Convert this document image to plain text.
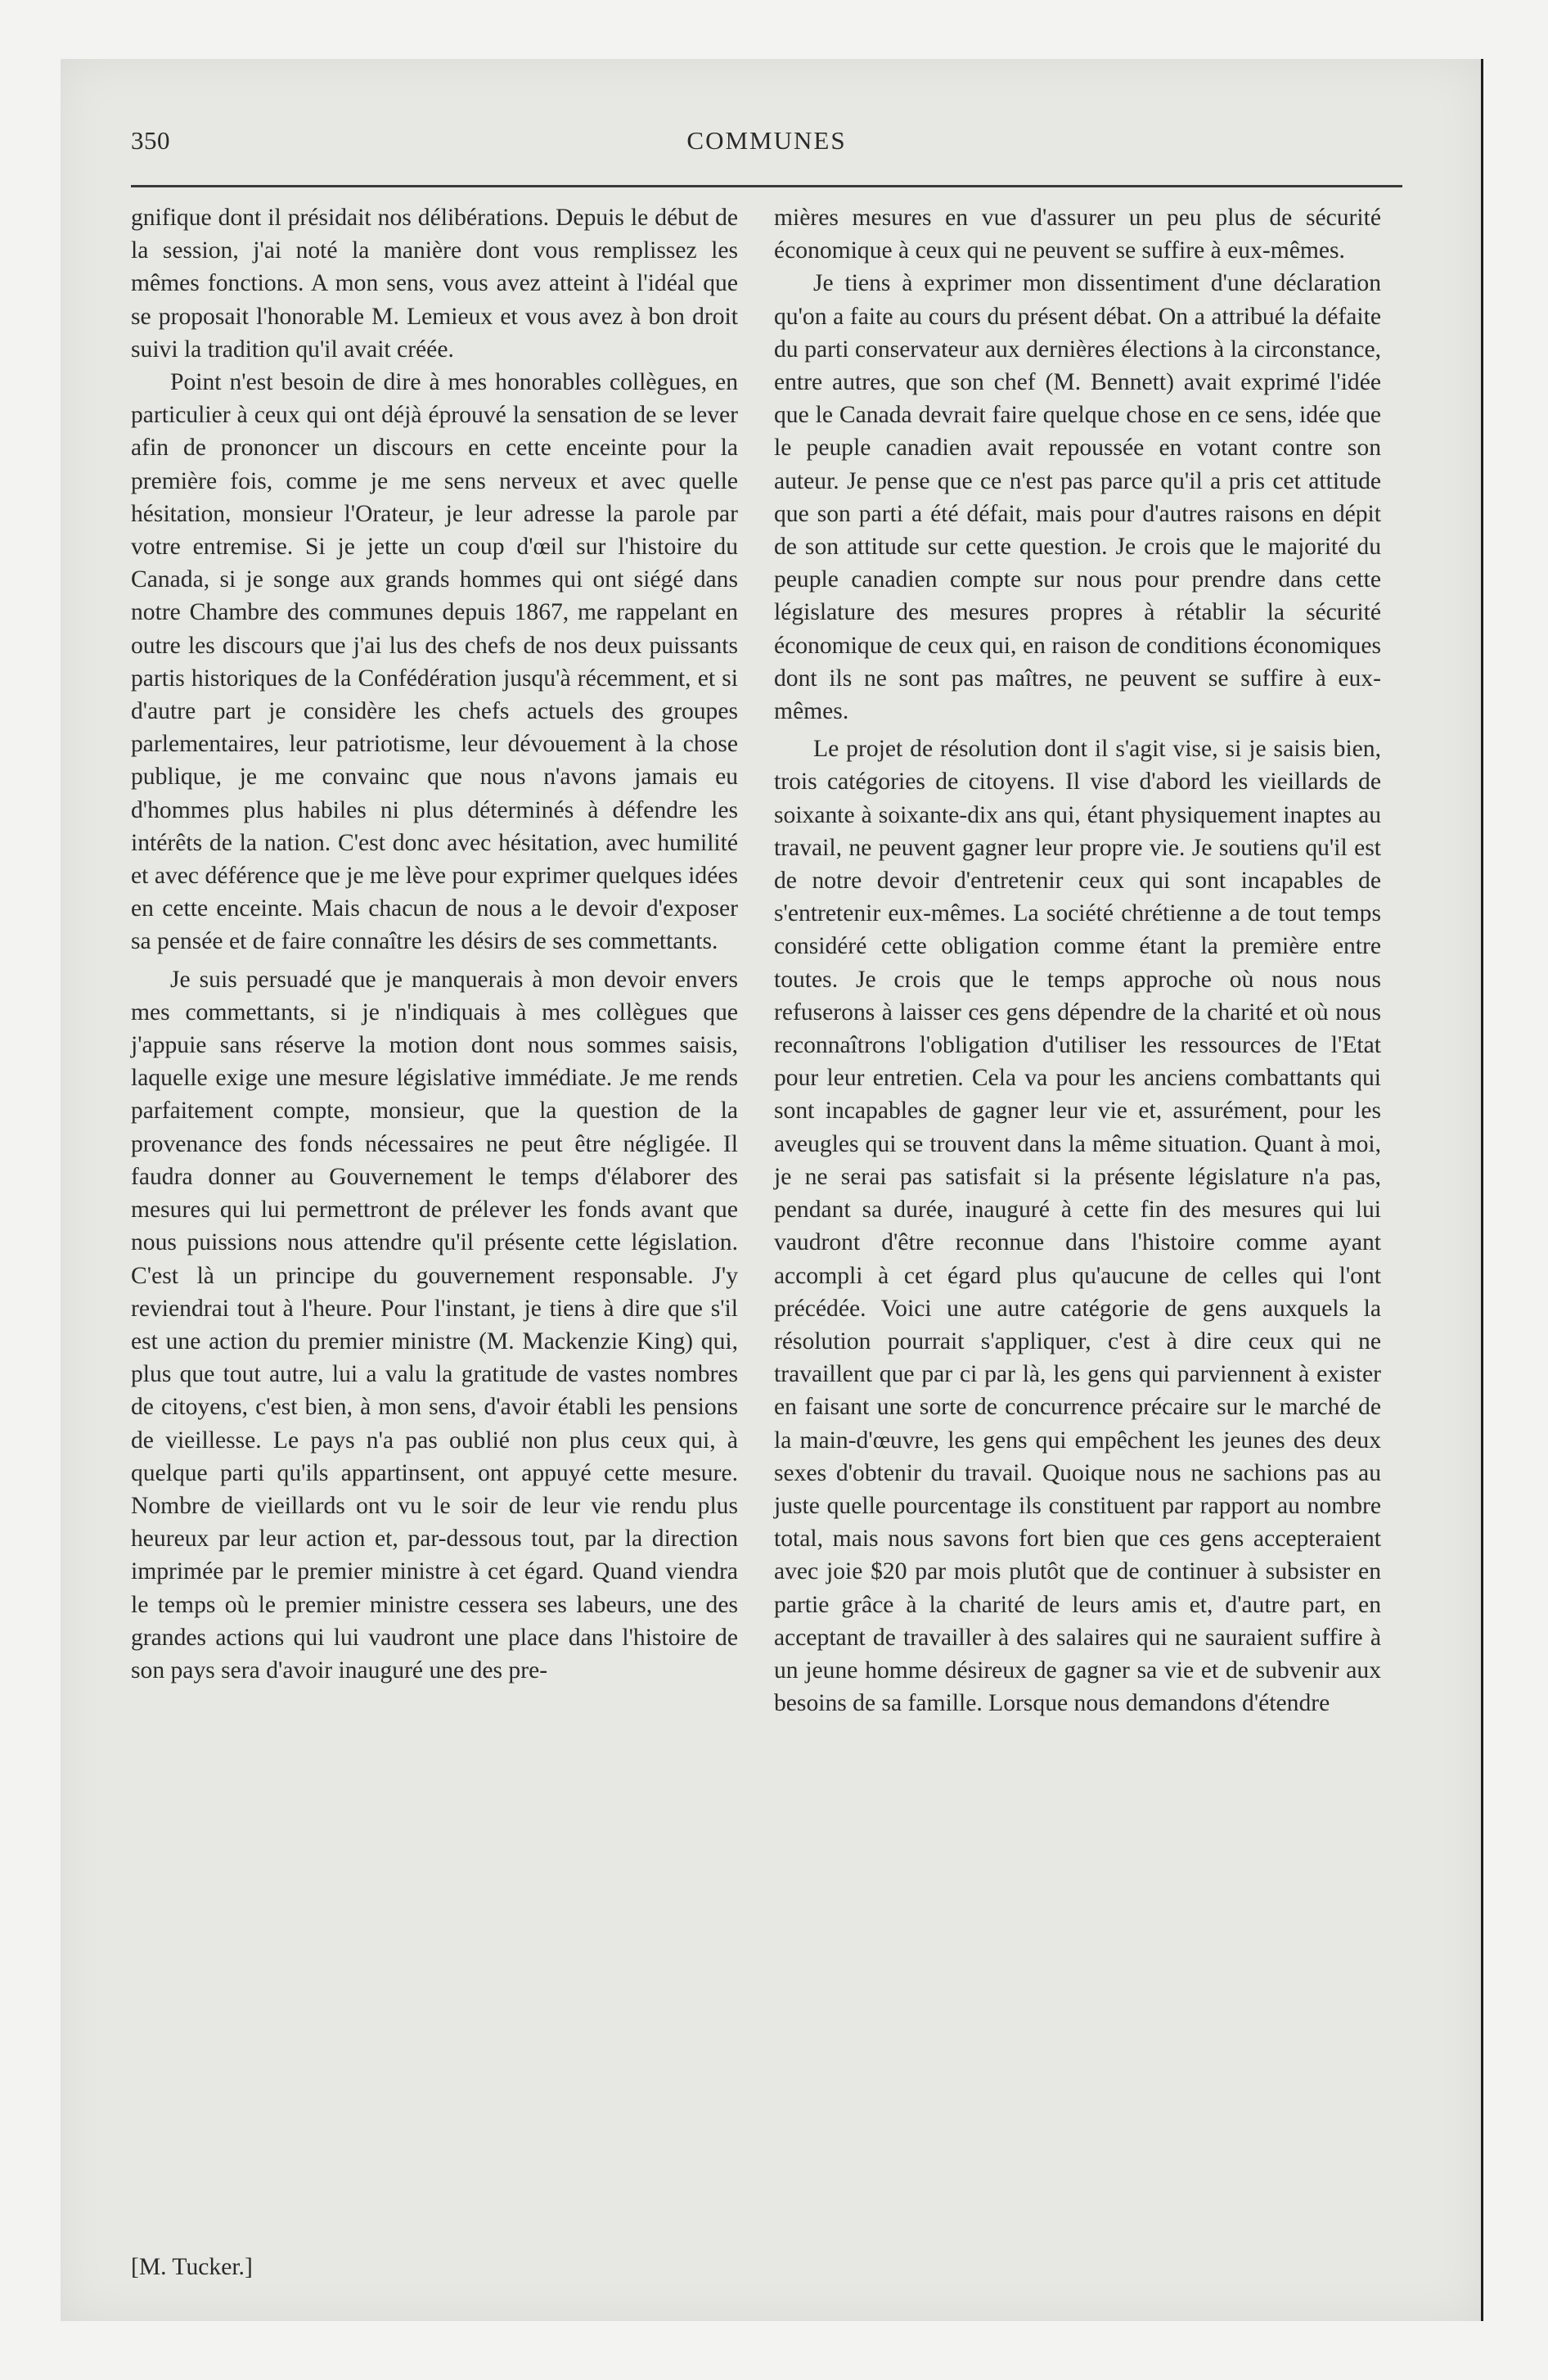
350	COMMUNES

gnifique dont il présidait nos délibérations. Depuis le début de la session, j'ai noté la manière dont vous remplissez les mêmes fonctions. A mon sens, vous avez atteint à l'idéal que se proposait l'honorable M. Lemieux et vous avez à bon droit suivi la tradition qu'il avait créée.

Point n'est besoin de dire à mes honorables collègues, en particulier à ceux qui ont déjà éprouvé la sensation de se lever afin de prononcer un discours en cette enceinte pour la première fois, comme je me sens nerveux et avec quelle hésitation, monsieur l'Orateur, je leur adresse la parole par votre entremise. Si je jette un coup d'œil sur l'histoire du Canada, si je songe aux grands hommes qui ont siégé dans notre Chambre des communes depuis 1867, me rappelant en outre les discours que j'ai lus des chefs de nos deux puissants partis historiques de la Confédération jusqu'à récemment, et si d'autre part je considère les chefs actuels des groupes parlementaires, leur patriotisme, leur dévouement à la chose publique, je me convainc que nous n'avons jamais eu d'hommes plus habiles ni plus déterminés à défendre les intérêts de la nation. C'est donc avec hésitation, avec humilité et avec déférence que je me lève pour exprimer quelques idées en cette enceinte. Mais chacun de nous a le devoir d'exposer sa pensée et de faire connaître les désirs de ses commettants.

Je suis persuadé que je manquerais à mon devoir envers mes commettants, si je n'indiquais à mes collègues que j'appuie sans réserve la motion dont nous sommes saisis, laquelle exige une mesure législative immédiate. Je me rends parfaitement compte, monsieur, que la question de la provenance des fonds nécessaires ne peut être négligée. Il faudra donner au Gouvernement le temps d'élaborer des mesures qui lui permettront de prélever les fonds avant que nous puissions nous attendre qu'il présente cette législation. C'est là un principe du gouvernement responsable. J'y reviendrai tout à l'heure. Pour l'instant, je tiens à dire que s'il est une action du premier ministre (M. Mackenzie King) qui, plus que tout autre, lui a valu la gratitude de vastes nombres de citoyens, c'est bien, à mon sens, d'avoir établi les pensions de vieillesse. Le pays n'a pas oublié non plus ceux qui, à quelque parti qu'ils appartinsent, ont appuyé cette mesure. Nombre de vieillards ont vu le soir de leur vie rendu plus heureux par leur action et, par-dessous tout, par la direction imprimée par le premier ministre à cet égard. Quand viendra le temps où le premier ministre cessera ses labeurs, une des grandes actions qui lui vaudront une place dans l'histoire de son pays sera d'avoir inauguré une des pre-

[M. Tucker.]

mières mesures en vue d'assurer un peu plus de sécurité économique à ceux qui ne peuvent se suffire à eux-mêmes.

Je tiens à exprimer mon dissentiment d'une déclaration qu'on a faite au cours du présent débat. On a attribué la défaite du parti conservateur aux dernières élections à la circonstance, entre autres, que son chef (M. Bennett) avait exprimé l'idée que le Canada devrait faire quelque chose en ce sens, idée que le peuple canadien avait repoussée en votant contre son auteur. Je pense que ce n'est pas parce qu'il a pris cet attitude que son parti a été défait, mais pour d'autres raisons en dépit de son attitude sur cette question. Je crois que le majorité du peuple canadien compte sur nous pour prendre dans cette législature des mesures propres à rétablir la sécurité économique de ceux qui, en raison de conditions économiques dont ils ne sont pas maîtres, ne peuvent se suffire à eux-mêmes.

Le projet de résolution dont il s'agit vise, si je saisis bien, trois catégories de citoyens. Il vise d'abord les vieillards de soixante à soixante-dix ans qui, étant physiquement inaptes au travail, ne peuvent gagner leur propre vie. Je soutiens qu'il est de notre devoir d'entretenir ceux qui sont incapables de s'entretenir eux-mêmes. La société chrétienne a de tout temps considéré cette obligation comme étant la première entre toutes. Je crois que le temps approche où nous nous refuserons à laisser ces gens dépendre de la charité et où nous reconnaîtrons l'obligation d'utiliser les ressources de l'Etat pour leur entretien. Cela va pour les anciens combattants qui sont incapables de gagner leur vie et, assurément, pour les aveugles qui se trouvent dans la même situation. Quant à moi, je ne serai pas satisfait si la présente législature n'a pas, pendant sa durée, inauguré à cette fin des mesures qui lui vaudront d'être reconnue dans l'histoire comme ayant accompli à cet égard plus qu'aucune de celles qui l'ont précédée. Voici une autre catégorie de gens auxquels la résolution pourrait s'appliquer, c'est à dire ceux qui ne travaillent que par ci par là, les gens qui parviennent à exister en faisant une sorte de concurrence précaire sur le marché de la main-d'œuvre, les gens qui empêchent les jeunes des deux sexes d'obtenir du travail. Quoique nous ne sachions pas au juste quelle pourcentage ils constituent par rapport au nombre total, mais nous savons fort bien que ces gens accepteraient avec joie $20 par mois plutôt que de continuer à subsister en partie grâce à la charité de leurs amis et, d'autre part, en acceptant de travailler à des salaires qui ne sauraient suffire à un jeune homme désireux de gagner sa vie et de subvenir aux besoins de sa famille. Lorsque nous demandons d'étendre
